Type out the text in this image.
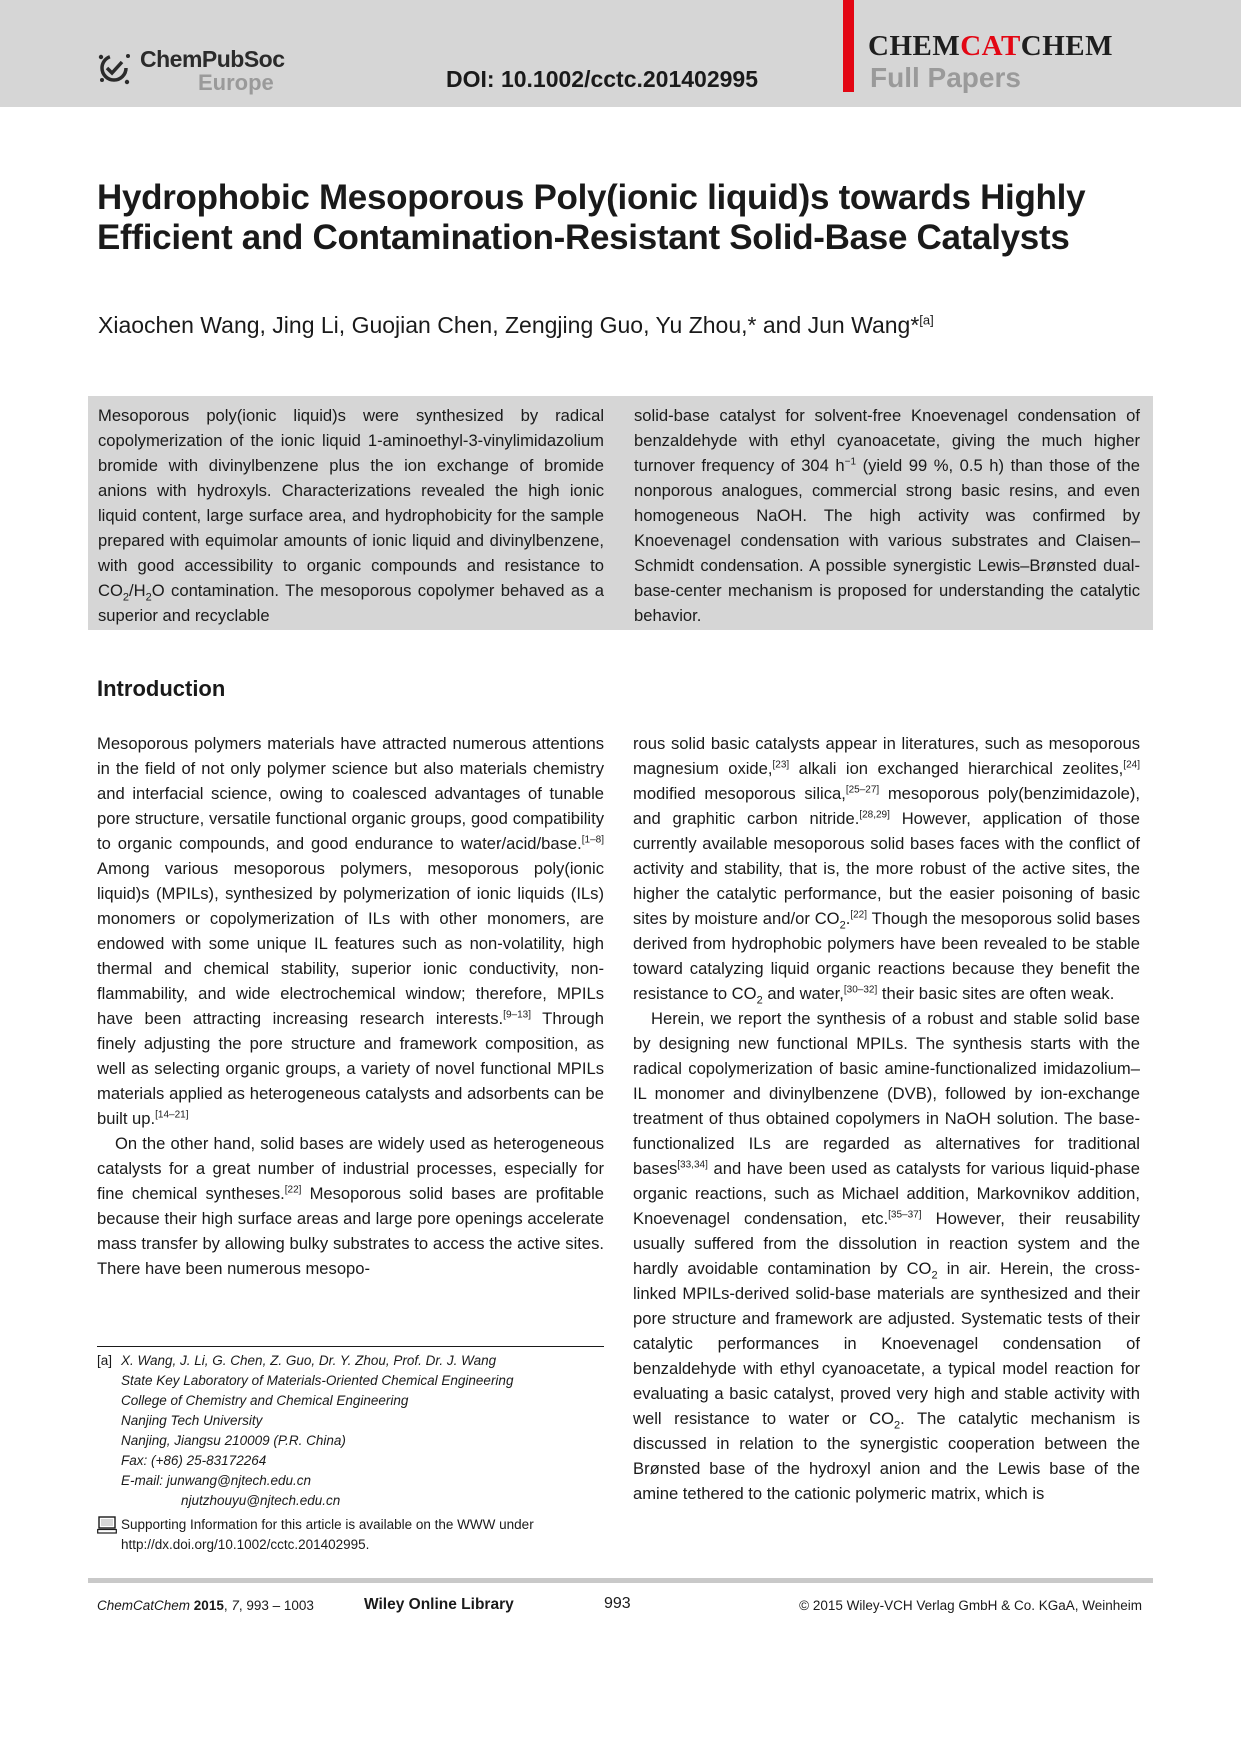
ChemPubSoc
Europe	DOI: 10.1002/cctc.201402995
CHEMCATCHEM
Full Papers
Hydrophobic Mesoporous Poly(ionic liquid)s towards Highly Efficient and Contamination-Resistant Solid-Base Catalysts
Xiaochen Wang, Jing Li, Guojian Chen, Zengjing Guo, Yu Zhou,* and Jun Wang*[a]
Mesoporous poly(ionic liquid)s were synthesized by radical copolymerization of the ionic liquid 1-aminoethyl-3-vinylimidazolium bromide with divinylbenzene plus the ion exchange of bromide anions with hydroxyls. Characterizations revealed the high ionic liquid content, large surface area, and hydrophobicity for the sample prepared with equimolar amounts of ionic liquid and divinylbenzene, with good accessibility to organic compounds and resistance to $CO_2/H_2O$ contamination. The mesoporous copolymer behaved as a superior and recyclable
solid-base catalyst for solvent-free Knoevenagel condensation of benzaldehyde with ethyl cyanoacetate, giving the much higher turnover frequency of 304 $h^{-1}$ (yield 99 %, 0.5 h) than those of the nonporous analogues, commercial strong basic resins, and even homogeneous NaOH. The high activity was confirmed by Knoevenagel condensation with various substrates and Claisen–Schmidt condensation. A possible synergistic Lewis–Brønsted dual-base-center mechanism is proposed for understanding the catalytic behavior.
Introduction

Mesoporous polymers materials have attracted numerous attentions in the field of not only polymer science but also materials chemistry and interfacial science, owing to coalesced advantages of tunable pore structure, versatile functional organic groups, good compatibility to organic compounds, and good endurance to water/acid/base.[1–8] Among various mesoporous polymers, mesoporous poly(ionic liquid)s (MPILs), synthesized by polymerization of ionic liquids (ILs) monomers or copolymerization of ILs with other monomers, are endowed with some unique IL features such as non-volatility, high thermal and chemical stability, superior ionic conductivity, non-flammability, and wide electrochemical window; therefore, MPILs have been attracting increasing research interests.[9–13] Through finely adjusting the pore structure and framework composition, as well as selecting organic groups, a variety of novel functional MPILs materials applied as heterogeneous catalysts and adsorbents can be built up.[14–21]

On the other hand, solid bases are widely used as heterogeneous catalysts for a great number of industrial processes, especially for fine chemical syntheses.[22] Mesoporous solid bases are profitable because their high surface areas and large pore openings accelerate mass transfer by allowing bulky substrates to access the active sites. There have been numerous mesopo-

rous solid basic catalysts appear in literatures, such as mesoporous magnesium oxide,[23] alkali ion exchanged hierarchical zeolites,[24] modified mesoporous silica,[25–27] mesoporous poly(benzimidazole), and graphitic carbon nitride.[28,29] However, application of those currently available mesoporous solid bases faces with the conflict of activity and stability, that is, the more robust of the active sites, the higher the catalytic performance, but the easier poisoning of basic sites by moisture and/or $CO_2.[22]$ Though the mesoporous solid bases derived from hydrophobic polymers have been revealed to be stable toward catalyzing liquid organic reactions because they benefit the resistance to $CO_2$ and water,[30–32] their basic sites are often weak.

Herein, we report the synthesis of a robust and stable solid base by designing new functional MPILs. The synthesis starts with the radical copolymerization of basic amine-functionalized imidazolium–IL monomer and divinylbenzene (DVB), followed by ion-exchange treatment of thus obtained copolymers in NaOH solution. The base-functionalized ILs are regarded as alternatives for traditional bases[33,34] and have been used as catalysts for various liquid-phase organic reactions, such as Michael addition, Markovnikov addition, Knoevenagel condensation, etc.[35–37] However, their reusability usually suffered from the dissolution in reaction system and the hardly avoidable contamination by $CO_2$ in air. Herein, the cross-linked MPILs-derived solid-base materials are synthesized and their pore structure and framework are adjusted. Systematic tests of their catalytic performances in Knoevenagel condensation of benzaldehyde with ethyl cyanoacetate, a typical model reaction for evaluating a basic catalyst, proved very high and stable activity with well resistance to water or $CO_2$. The catalytic mechanism is discussed in relation to the synergistic cooperation between the Brønsted base of the hydroxyl anion and the Lewis base of the amine tethered to the cationic polymeric matrix, which is

[a] X. Wang, J. Li, G. Chen, Z. Guo, Dr. Y. Zhou, Prof. Dr. J. Wang
State Key Laboratory of Materials-Oriented Chemical Engineering
College of Chemistry and Chemical Engineering
Nanjing Tech University
Nanjing, Jiangsu 210009 (P.R. China)
Fax: (+86) 25-83172264
E-mail: junwang@njtech.edu.cn
njutzhouyu@njtech.edu.cn
Supporting Information for this article is available on the WWW under
http://dx.doi.org/10.1002/cctc.201402995.
ChemCatChem 2015, 7, 993 – 1003	Wiley Online Library	993	© 2015 Wiley-VCH Verlag GmbH & Co. KGaA, Weinheim
